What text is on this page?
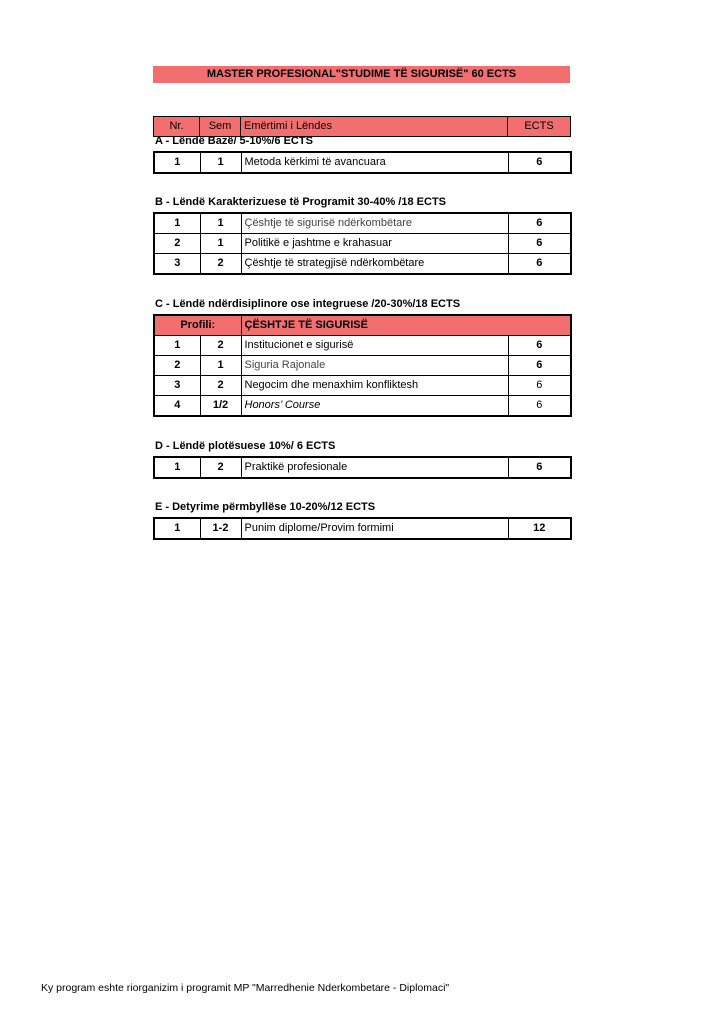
MASTER PROFESIONAL"STUDIME TË SIGURISË" 60 ECTS
Nr.	Sem	Emërtimi i Lëndes	ECTS
A - Lëndë Bazë/ 5-10%/6 ECTS
1	1	Metoda kërkimi të avancuara	6
B - Lëndë Karakterizuese të Programit 30-40% /18 ECTS
1	1	Çështje të sigurisë ndërkombëtare	6
2	1	Politikë e jashtme e krahasuar	6
3	2	Çështje të strategjisë ndërkombëtare	6
C - Lëndë ndërdisiplinore ose integruese /20-30%/18 ECTS
Profili:		ÇËSHTJE TË SIGURISË	
1	2	Institucionet e sigurisë	6
2	1	Siguria Rajonale	6
3	2	Negocim dhe menaxhim konfliktesh	6
4	1/2	Honors’ Course	6
D - Lëndë plotësuese 10%/ 6 ECTS
1	2	Praktikë profesionale	6
E - Detyrime përmbyllëse 10-20%/12 ECTS
1	1-2	Punim diplome/Provim formimi	12
Ky program eshte riorganizim i programit MP "Marredhenie Nderkombetare - Diplomaci"
